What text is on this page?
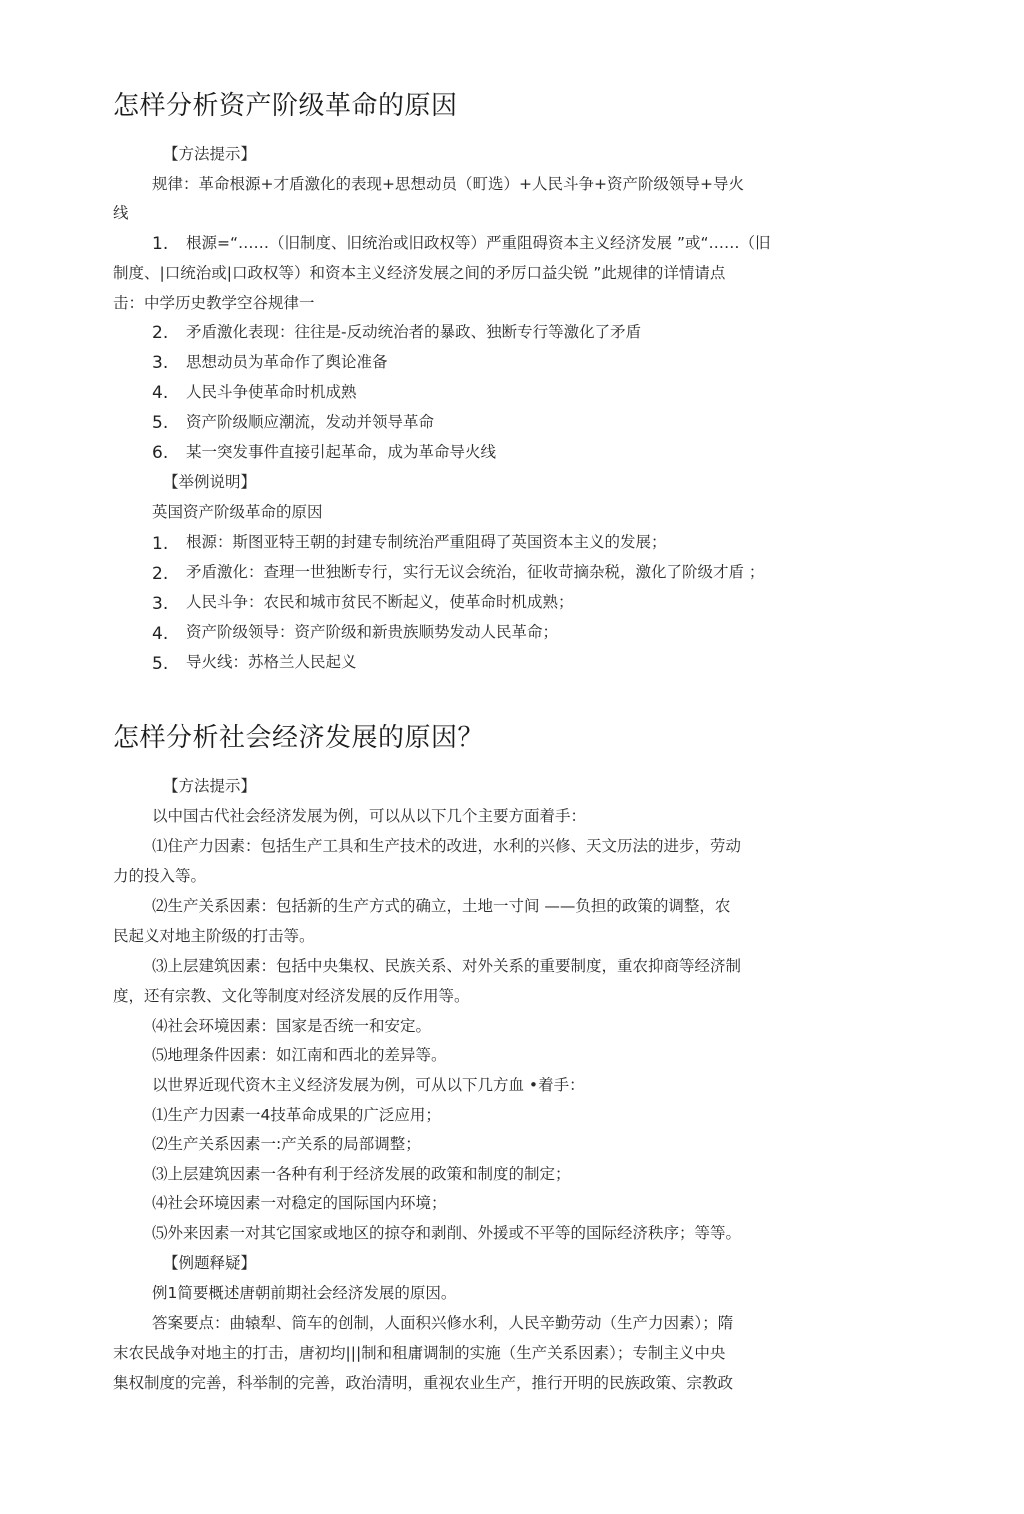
怎样分析资产阶级革命的原因
【方法提示】
规律：革命根源+才盾激化的表现+思想动员（町选）+人民斗争+资产阶级领导+导火
线
1. 根源=“……（旧制度、旧统治或旧政权等）严重阻碍资本主义经济发展 ”或“……（旧
制度、|口统治或|口政权等）和资本主义经济发展之间的矛厉口益尖锐 ”此规律的详情请点
击：中学历史教学空谷规律一
2. 矛盾激化表现：往往是-反动统治者的暴政、独断专行等激化了矛盾
3. 思想动员为革命作了舆论准备
4. 人民斗争使革命时机成熟
5. 资产阶级顺应潮流，发动并领导革命
6. 某一突发事件直接引起革命，成为革命导火线
【举例说明】
英国资产阶级革命的原因
1. 根源：斯图亚特王朝的封建专制统治严重阻碍了英国资本主义的发展；
2. 矛盾激化：查理一世独断专行，实行无议会统治，征收苛摘杂税，激化了阶级才盾 ；
3. 人民斗争：农民和城市贫民不断起义，使革命时机成熟；
4. 资产阶级领导：资产阶级和新贵族顺势发动人民革命；
5. 导火线：苏格兰人民起义
怎样分析社会经济发展的原因？
【方法提示】
以中国古代社会经济发展为例，可以从以下几个主要方面着手：
⑴住产力因素：包括生产工具和生产技术的改进，水利的兴修、天文历法的进步，劳动
力的投入等。
⑵生产关系因素：包括新的生产方式的确立，土地一寸间 ——负担的政策的调整，农
民起义对地主阶级的打击等。
⑶上层建筑因素：包括中央集权、民族关系、对外关系的重要制度，重农抑商等经济制
度，还有宗教、文化等制度对经济发展的反作用等。
⑷社会环境因素：国家是否统一和安定。
⑸地理条件因素：如江南和西北的差异等。
以世界近现代资木主义经济发展为例，可从以下几方血 •着手：
⑴生产力因素一4技革命成果的广泛应用；
⑵生产关系因素一:产关系的局部调整；
⑶上层建筑因素一各种有利于经济发展的政策和制度的制定；
⑷社会环境因素一对稳定的国际国内环境；
⑸外来因素一对其它国家或地区的掠夺和剥削、外援或不平等的国际经济秩序；等等。
【例题释疑】
例1简要概述唐朝前期社会经济发展的原因。
答案要点：曲辕犁、筒车的创制，人面积兴修水利，人民辛勤劳动（生产力因素）；隋
末农民战争对地主的打击，唐初均|||制和租庸调制的实施（生产关系因素）；专制主义中央
集权制度的完善，科举制的完善，政治清明，重视农业生产，推行开明的民族政策、宗教政
